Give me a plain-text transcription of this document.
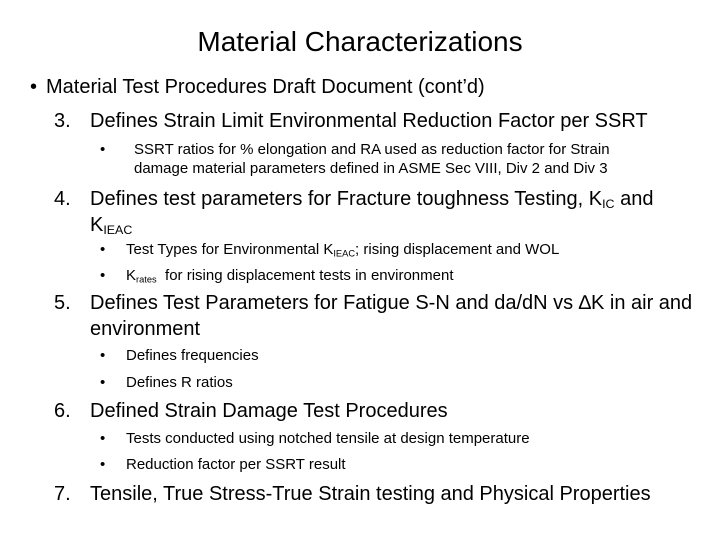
Material Characterizations
• Material Test Procedures Draft Document (cont’d)
3. Defines Strain Limit Environmental Reduction Factor per SSRT
• SSRT ratios for % elongation and RA used as reduction factor for Strain
damage material parameters defined in ASME Sec VIII, Div 2 and Div 3
4. Defines test parameters for Fracture toughness Testing, $K_{IC}$ and
$K_{IEAC}$
• Test Types for Environmental $K_{IEAC}$; rising displacement and WOL
• $K_{rates}$  for rising displacement tests in environment
5. Defines Test Parameters for Fatigue S-N and da/dN vs ∆K in air and
environment
• Defines frequencies
• Defines R ratios
6. Defined Strain Damage Test Procedures
• Tests conducted using notched tensile at design temperature
• Reduction factor per SSRT result
7. Tensile, True Stress-True Strain testing and Physical Properties
